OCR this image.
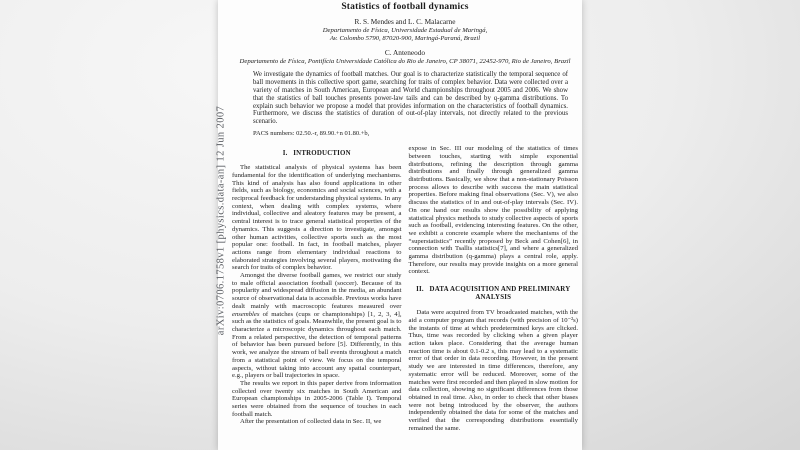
arXiv:0706.1758v1 [physics.data-an] 12 Jun 2007
Statistics of football dynamics
R. S. Mendes and L. C. Malacarne
Departamento de Física, Universidade Estadual de Maringá,
Av. Colombo 5790, 87020-900, Maringá-Paraná, Brazil
C. Anteneodo
Departamento de Física, Pontifícia Universidade Católica do Rio de Janeiro, CP 38071, 22452-970, Rio de Janeiro, Brazil
We investigate the dynamics of football matches. Our goal is to characterize statistically the temporal sequence of ball movements in this collective sport game, searching for traits of complex behavior. Data were collected over a variety of matches in South American, European and World championships throughout 2005 and 2006. We show that the statistics of ball touches presents power-law tails and can be described by q-gamma distributions. To explain such behavior we propose a model that provides information on the characteristics of football dynamics. Furthermore, we discuss the statistics of duration of out-of-play intervals, not directly related to the previous scenario.
PACS numbers: 02.50.-r, 89.90.+n 01.80.+b,
I.   INTRODUCTION

The statistical analysis of physical systems has been fundamental for the identification of underlying mechanisms. This kind of analysis has also found applications in other fields, such as biology, economics and social sciences, with a reciprocal feedback for understanding physical systems. In any context, when dealing with complex systems, where individual, collective and aleatory features may be present, a central interest is to trace general statistical properties of the dynamics. This suggests a direction to investigate, amongst other human activities, collective sports such as the most popular one: football. In fact, in football matches, player actions range from elementary individual reactions to elaborated strategies involving several players, motivating the search for traits of complex behavior.

Amongst the diverse football games, we restrict our study to male official association football (soccer). Because of its popularity and widespread diffusion in the media, an abundant source of observational data is accessible. Previous works have dealt mainly with macroscopic features measured over ensembles of matches (cups or championships) [1, 2, 3, 4], such as the statistics of goals. Meanwhile, the present goal is to characterize a microscopic dynamics throughout each match. From a related perspective, the detection of temporal patterns of behavior has been pursued before [5]. Differently, in this work, we analyze the stream of ball events throughout a match from a statistical point of view. We focus on the temporal aspects, without taking into account any spatial counterpart, e.g., players or ball trajectories in space.

The results we report in this paper derive from information collected over twenty six matches in South American and European championships in 2005-2006 (Table I). Temporal series were obtained from the sequence of touches in each football match.

After the presentation of collected data in Sec. II, we

expose in Sec. III our modeling of the statistics of times between touches, starting with simple exponential distributions, refining the description through gamma distributions and finally through generalized gamma distributions. Basically, we show that a non-stationary Poisson process allows to describe with success the main statistical properties. Before making final observations (Sec. V), we also discuss the statistics of in and out-of-play intervals (Sec. IV). On one hand our results show the possibility of applying statistical physics methods to study collective aspects of sports such as football, evidencing interesting features. On the other, we exhibit a concrete example where the mechanisms of the “superstatistics” recently proposed by Beck and Cohen[6], in connection with Tsallis statistics[7], and where a generalized gamma distribution (q-gamma) plays a central role, apply. Therefore, our results may provide insights on a more general context.

II.   DATA ACQUISITION AND PRELIMINARY ANALYSIS

Data were acquired from TV broadcasted matches, with the aid a computer program that records (with precision of 10⁻²s) the instants of time at which predetermined keys are clicked. Thus, time was recorded by clicking when a given player action takes place. Considering that the average human reaction time is about 0.1-0.2 s, this may lead to a systematic error of that order in data recording. However, in the present study we are interested in time differences, therefore, any systematic error will be reduced. Moreover, some of the matches were first recorded and then played in slow motion for data collection, showing no significant differences from those obtained in real time. Also, in order to check that other biases were not being introduced by the observer, the authors independently obtained the data for some of the matches and verified that the corresponding distributions essentially remained the same.
